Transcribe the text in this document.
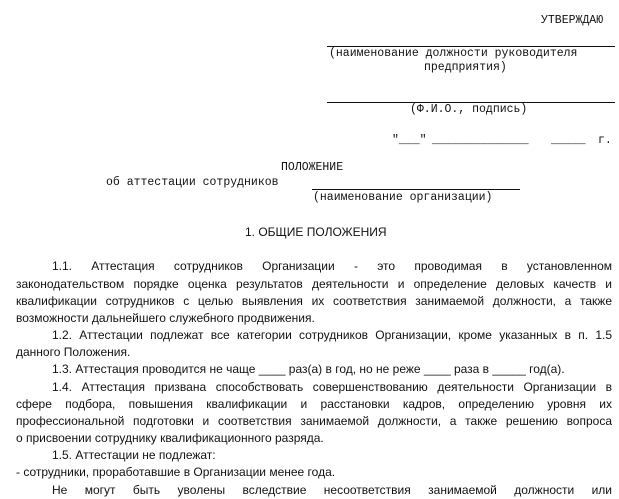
УТВЕРЖДАЮ
(наименование должности руководителя
предприятия)
(Ф.И.О., подпись)
"___" ______________ _____ г.
ПОЛОЖЕНИЕ
об аттестации сотрудников
(наименование организации)
1. ОБЩИЕ ПОЛОЖЕНИЯ
1.1. Аттестация сотрудников Организации - это проводимая в установленном
законодательством порядке оценка результатов деятельности и определение деловых качеств и
квалификации сотрудников с целью выявления их соответствия занимаемой должности, а также
возможности дальнейшего служебного продвижения.
1.2. Аттестации подлежат все категории сотрудников Организации, кроме указанных в п. 1.5
данного Положения.
1.3. Аттестация проводится не чаще ____ раз(а) в год, но не реже ____ раза в _____ год(а).
1.4. Аттестация призвана способствовать совершенствованию деятельности Организации в
сфере подбора, повышения квалификации и расстановки кадров, определению уровня их
профессиональной подготовки и соответствия занимаемой должности, а также решению вопроса
о присвоении сотруднику квалификационного разряда.
1.5. Аттестации не подлежат:
- сотрудники, проработавшие в Организации менее года.
Не могут быть уволены вследствие несоответствия занимаемой должности или
